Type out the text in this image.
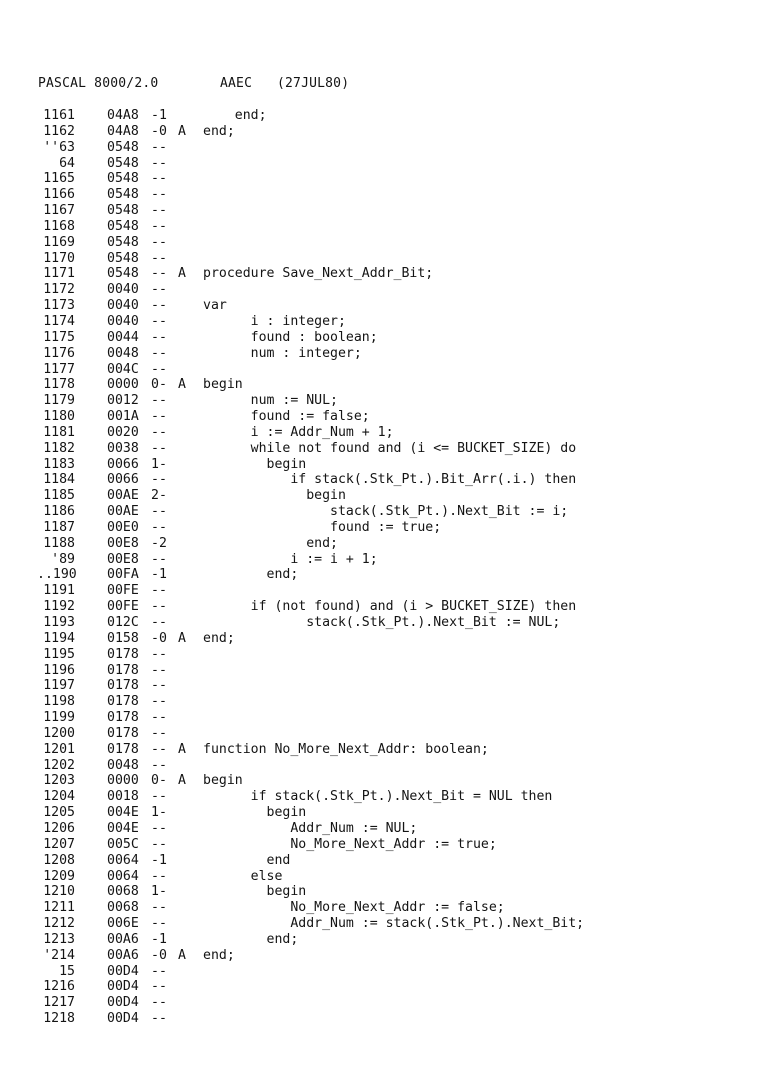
PASCAL 8000/2.0	AAEC (27JUL80)
1161 04A8 -1	end;
1162 04A8 -0 A end;
''63 0548 --
64 0548 --
1165 0548 --
1166 0548 --
1167 0548 --
1168 0548 --
1169 0548 --
1170 0548 --
1171 0548 -- A procedure Save_Next_Addr_Bit;
1172 0040 --
1173 0040 --	var
1174 0040 --	i : integer;
1175 0044 --	found : boolean;
1176 0048 --	num : integer;
1177 004C --
1178 0000 0- A begin
1179 0012 --	num := NUL;
1180 001A --	found := false;
1181 0020 --	i := Addr_Num + 1;
1182 0038 --	while not found and (i <= BUCKET_SIZE) do
1183 0066 1-	begin
1184 0066 --	if stack(.Stk_Pt.).Bit_Arr(.i.) then
1185 00AE 2-	begin
1186 00AE --	stack(.Stk_Pt.).Next_Bit := i;
1187 00E0 --	found := true;
1188 00E8 -2	end;
'89 00E8 --	i := i + 1;
..190 00FA -1	end;
1191 00FE --
1192 00FE --	if (not found) and (i > BUCKET_SIZE) then
1193 012C --	stack(.Stk_Pt.).Next_Bit := NUL;
1194 0158 -0 A end;
1195 0178 --
1196 0178 --
1197 0178 --
1198 0178 --
1199 0178 --
1200 0178 --
1201 0178 -- A function No_More_Next_Addr: boolean;
1202 0048 --
1203 0000 0- A begin
1204 0018 --	if stack(.Stk_Pt.).Next_Bit = NUL then
1205 004E 1-	begin
1206 004E --	Addr_Num := NUL;
1207 005C --	No_More_Next_Addr := true;
1208 0064 -1	end
1209 0064 --	else
1210 0068 1-	begin
1211 0068 --	No_More_Next_Addr := false;
1212 006E --	Addr_Num := stack(.Stk_Pt.).Next_Bit;
1213 00A6 -1	end;
'214 00A6 -0 A end;
15 00D4 --
1216 00D4 --
1217 00D4 --
1218 00D4 --
